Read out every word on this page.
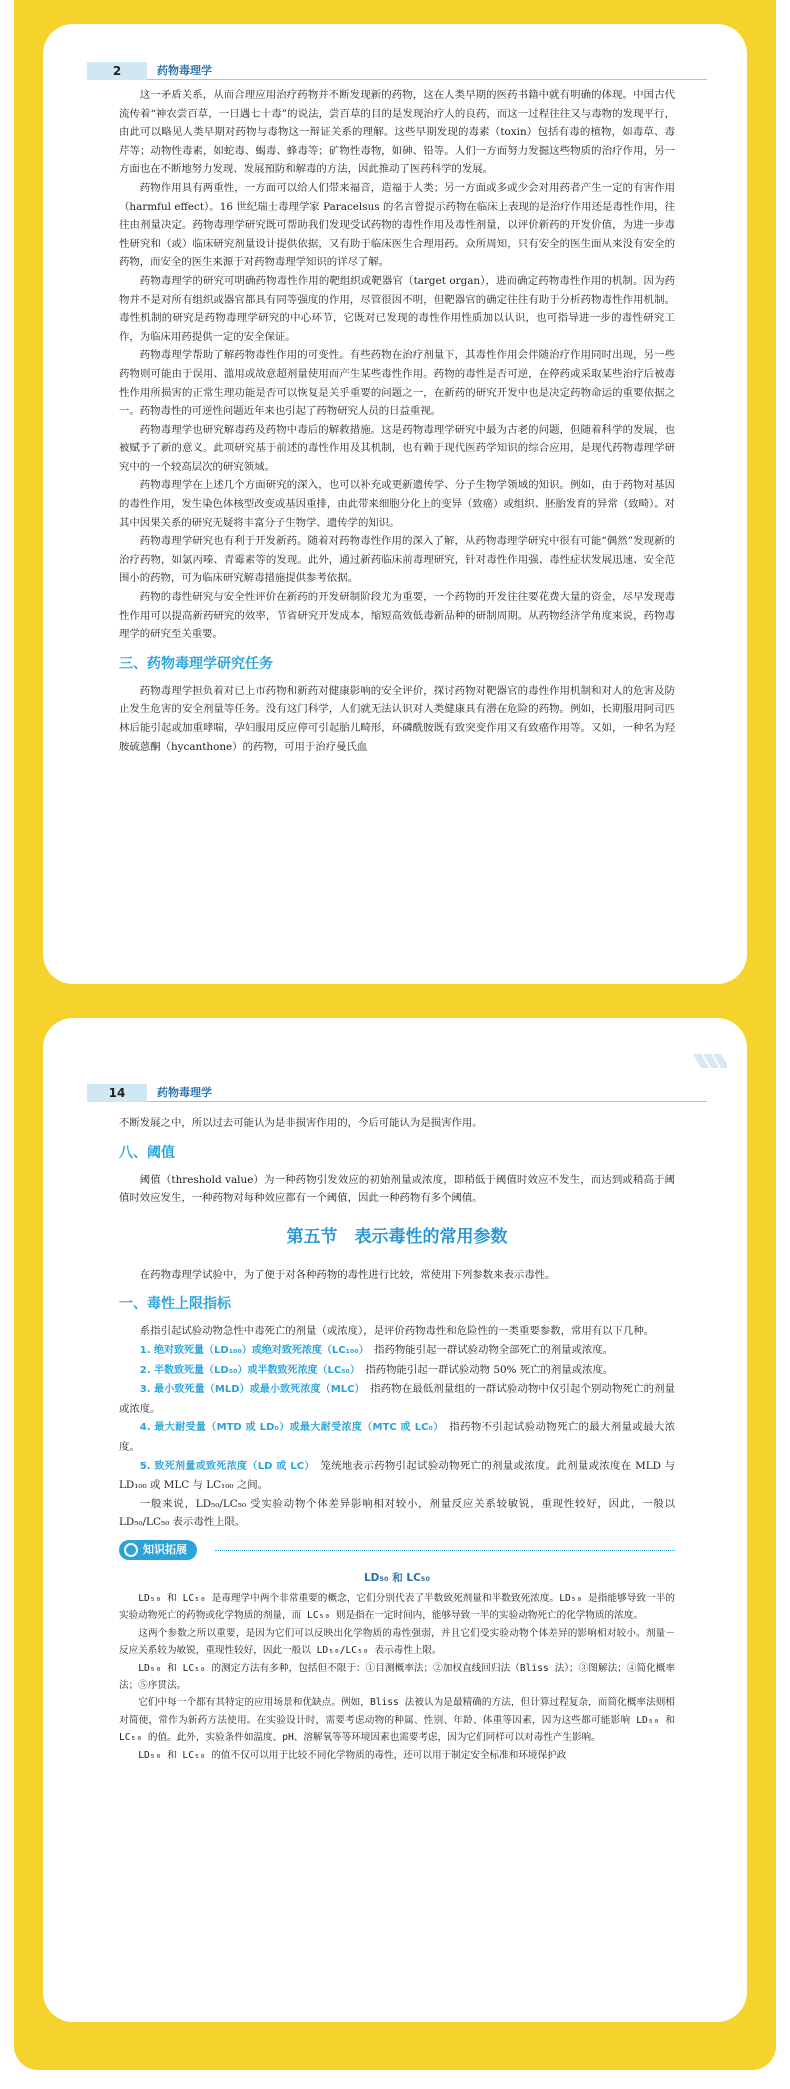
2	药物毒理学

这一矛盾关系，从而合理应用治疗药物并不断发现新的药物，这在人类早期的医药书籍中就有明确的体现。中国古代流传着“神农尝百草，一日遇七十毒”的说法，尝百草的目的是发现治疗人的良药，而这一过程往往又与毒物的发现平行，由此可以略见人类早期对药物与毒物这一辩证关系的理解。这些早期发现的毒素（toxin）包括有毒的植物，如毒草、毒芹等；动物性毒素，如蛇毒、蝎毒、蜂毒等；矿物性毒物，如砷、铅等。人们一方面努力发掘这些物质的治疗作用，另一方面也在不断地努力发现、发展預防和解毒的方法，因此推动了医药科学的发展。

药物作用具有两重性，一方面可以给人们带来福音，造福于人类；另一方面或多或少会对用药者产生一定的有害作用（harmful effect）。16 世纪瑞士毒理学家 Paracelsus 的名言曾提示药物在临床上表现的是治疗作用还是毒性作用，往往由剂量决定。药物毒理学研究既可帮助我们发现受试药物的毒性作用及毒性剂量，以评价新药的开发价值，为进一步毒性研究和（或）临床研究剂量设计提供依据，又有助于临床医生合理用药。众所周知，只有安全的医生面从来没有安全的药物，而安全的医生来源于对药物毒理学知识的详尽了解。

药物毒理学的研究可明确药物毒性作用的靶组织或靶器官（target organ），进而确定药物毒性作用的机制。因为药物并不是对所有组织或器官都具有同等强度的作用，尽管很因不明，但靶器官的确定往往有助于分析药物毒性作用机制。毒性机制的研究是药物毒理学研究的中心环节，它既对已发现的毒性作用性质加以认识，也可指导进一步的毒性研究工作，为临床用药提供一定的安全保证。

药物毒理学帮助了解药物毒性作用的可变性。有些药物在治疗剂量下，其毒性作用会伴随治疗作用同时出现，另一些药物则可能由于误用、滥用或故意超剂量使用而产生某些毒性作用。药物的毒性是否可逆，在停药或采取某些治疗后被毒性作用所损害的正常生理功能是否可以恢复是关乎重要的问题之一，在新药的研究开发中也是决定药物命运的重要依据之一。药物毒性的可逆性问题近年来也引起了药物研究人员的日益重视。

药物毒理学也研究解毒药及药物中毒后的解救措施。这是药物毒理学研究中最为古老的问题，但随着科学的发展，也被赋予了新的意义。此项研究基于前述的毒性作用及其机制，也有赖于现代医药学知识的综合应用，是现代药物毒理学研究中的一个较高层次的研究领域。

药物毒理学在上述几个方面研究的深入，也可以补充或更新遗传学、分子生物学领域的知识。例如，由于药物对基因的毒性作用，发生染色体核型改变或基因重排，由此带来细胞分化上的变异（致癌）或组织、胚胎发育的异常（致畸）。对其中因果关系的研究无疑将丰富分子生物学、遗传学的知识。

药物毒理学研究也有利于开发新药。随着对药物毒性作用的深入了解，从药物毒理学研究中很有可能“偶然”发现新的治疗药物，如氯丙嗪、青霉素等的发现。此外，通过新药临床前毒理研究，针对毒性作用强、毒性症状发展迅速、安全范围小的药物，可为临床研究解毒措施提供参考依据。

药物的毒性研究与安全性评价在新药的开发研制阶段尤为重要，一个药物的开发往往要花费大量的资金，尽早发现毒性作用可以提高新药研究的效率，节省研究开发成本，缩短高效低毒新品种的研制周期。从药物经济学角度来说，药物毒理学的研究至关重要。

三、药物毒理学研究任务

药物毒理学担负着对已上市药物和新药对健康影响的安全评价，探讨药物对靶器官的毒性作用机制和对人的危害及防止发生危害的安全剂量等任务。没有这门科学，人们就无法认识对人类健康具有潜在危险的药物。例如，长期服用阿司匹林后能引起或加重哮喘，孕妇服用反应停可引起胎儿畸形，环磷酰胺既有致突变作用又有致癌作用等。又如，一种名为羟胺硫蒽酮（hycanthone）的药物，可用于治疗曼氏血

14	药物毒理学

不断发展之中，所以过去可能认为是非损害作用的，今后可能认为是损害作用。

八、阈值

阈值（threshold value）为一种药物引发效应的初始剂量或浓度，即稍低于阈值时效应不发生，而达到或稍高于阈值时效应发生，一种药物对每种效应都有一个阈值，因此一种药物有多个阈值。

第五节　表示毒性的常用参数

在药物毒理学试验中，为了便于对各种药物的毒性进行比较，常使用下列参数来表示毒性。

一、毒性上限指标

系指引起试验动物急性中毒死亡的剂量（或浓度），是评价药物毒性和危险性的一类重要参数，常用有以下几种。

1. 绝对致死量（LD₁₀₀）或绝对致死浓度（LC₁₀₀）　 指药物能引起一群试验动物全部死亡的剂量或浓度。

2. 半数致死量（LD₅₀）或半数致死浓度（LC₅₀）　 指药物能引起一群试验动物 50% 死亡的剂量或浓度。

3. 最小致死量（MLD）或最小致死浓度（MLC）　 指药物在最低剂量组的一群试验动物中仅引起个别动物死亡的剂量或浓度。

4. 最大耐受量（MTD 或 LD₀）或最大耐受浓度（MTC 或 LC₀）　 指药物不引起试验动物死亡的最大剂量或最大浓度。

5. 致死剂量或致死浓度（LD 或 LC）　 笼统地表示药物引起试验动物死亡的剂量或浓度。此剂量或浓度在 MLD 与 LD₁₀₀ 或 MLC 与 LC₁₀₀ 之间。

一般来说，LD₅₀/LC₅₀ 受实验动物个体差异影响相对较小，剂量反应关系较敏锐，重现性较好，因此，一般以 LD₅₀/LC₅₀ 表示毒性上限。

知识拓展
LD₅₀ 和 LC₅₀

LD₅₀ 和 LC₅₀ 是毒理学中两个非常重要的概念，它们分别代表了半数致死剂量和半数致死浓度。LD₅₀ 是指能够导致一半的实验动物死亡的药物或化学物质的剂量，而 LC₅₀ 则是指在一定时间内，能够导致一半的实验动物死亡的化学物质的浓度。

这两个参数之所以重要，是因为它们可以反映出化学物质的毒性强弱，并且它们受实验动物个体差异的影响相对较小。剂量－反应关系较为敏锐，重现性较好，因此一般以 LD₅₀/LC₅₀ 表示毒性上限。

LD₅₀ 和 LC₅₀ 的测定方法有多种，包括但不限于：①目测概率法；②加权直线回归法（Bliss 法）；③图解法；④简化概率法；⑤序贯法。

它们中每一个都有其特定的应用场景和优缺点。例如，Bliss 法被认为是最精确的方法，但计算过程复杂，而简化概率法则相对简便，常作为新药方法使用。在实验设计时，需要考虑动物的种属、性别、年龄、体重等因素，因为这些都可能影响 LD₅₀ 和 LC₅₀ 的值。此外，实验条件如温度、pH、溶解氧等等环境因素也需要考虑，因为它们同样可以对毒性产生影响。

LD₅₀ 和 LC₅₀ 的值不仅可以用于比较不同化学物质的毒性，还可以用于制定安全标准和环境保护政
